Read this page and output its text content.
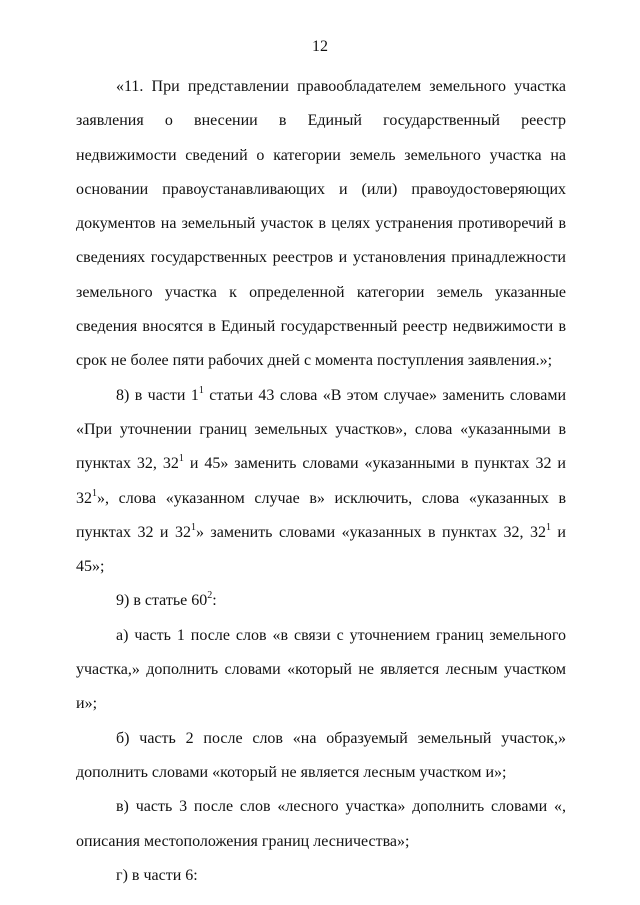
12

«11. При представлении правообладателем земельного участка заявления о внесении в Единый государственный реестр недвижимости сведений о категории земель земельного участка на основании правоустанавливающих и (или) правоудостоверяющих документов на земельный участок в целях устранения противоречий в сведениях государственных реестров и установления принадлежности земельного участка к определенной категории земель указанные сведения вносятся в Единый государственный реестр недвижимости в срок не более пяти рабочих дней с момента поступления заявления.»;

8) в части $1^1$ статьи 43 слова «В этом случае» заменить словами «При уточнении границ земельных участков», слова «указанными в пунктах 32, $32^1$ и 45» заменить словами «указанными в пунктах 32 и $32^1$», слова «указанном случае в» исключить, слова «указанных в пунктах 32 и $32^1$» заменить словами «указанных в пунктах 32, $32^1$ и 45»;

9) в статье $60^2$:

а) часть 1 после слов «в связи с уточнением границ земельного участка,» дополнить словами «который не является лесным участком и»;

б) часть 2 после слов «на образуемый земельный участок,» дополнить словами «который не является лесным участком и»;

в) часть 3 после слов «лесного участка» дополнить словами «, описания местоположения границ лесничества»;

г) в части 6:
